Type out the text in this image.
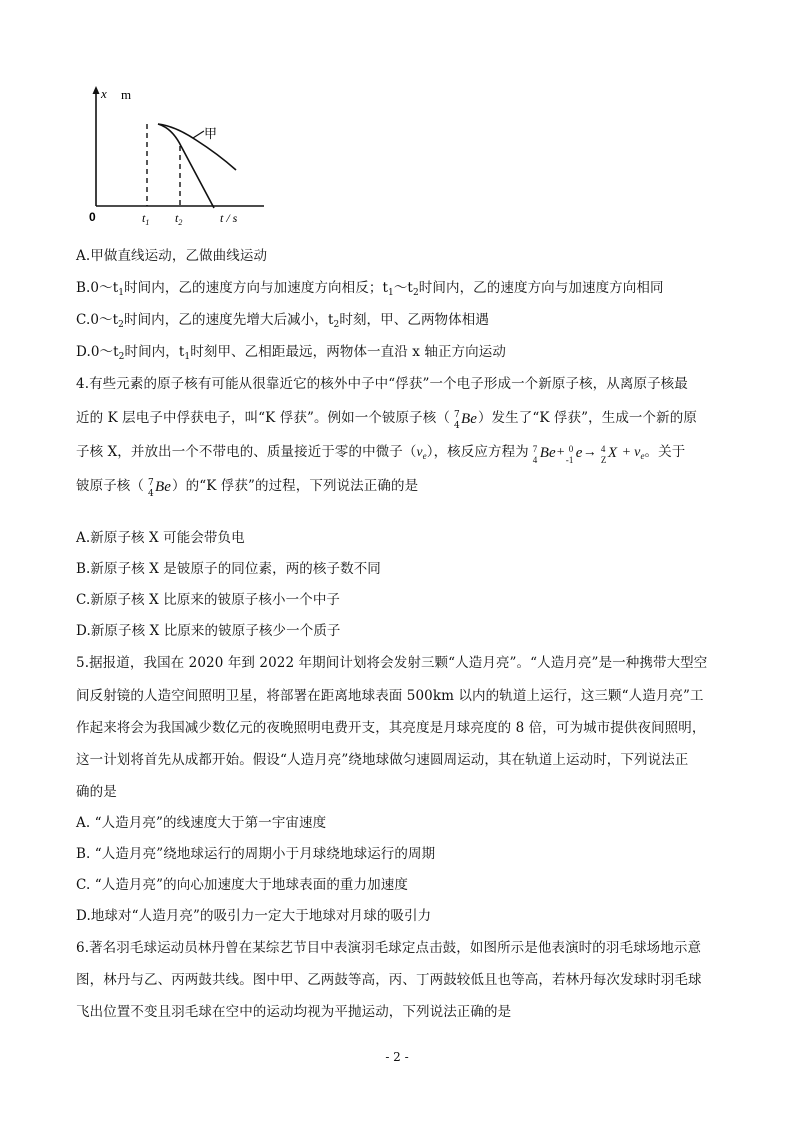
甲
x m
0	$t_1$ $t_2$	t / s
A.甲做直线运动，乙做曲线运动
$B.0\sim t_1$时间内，乙的速度方向与加速度方向相反；$t_1\sim t_2$时间内，乙的速度方向与加速度方向相同
$C.0\sim t_2$时间内，乙的速度先增大后减小，$t_2$时刻，甲、乙两物体相遇
$D.0\sim t_2$时间内，$t_1$时刻甲、乙相距最远，两物体一直沿 x 轴正方向运动
4.有些元素的原子核有可能从很靠近它的核外中子中“俘获”一个电子形成一个新原子核，从离原子核最
近的 K 层电子中俘获电子，叫“K 俘获”。例如一个铍原子核（ 7
4 Be ）发生了“K 俘获”，生成一个新的原
子核 X，并放出一个不带电的、质量接近于零的中微子$(\nu_e)$，核反应方程为 7
4 Be + 0
-1 e → 4
Z $X + \nu_e$。关于
铍原子核（ 7
4 Be ）的“K 俘获”的过程，下列说法正确的是
A.新原子核 X 可能会带负电
B.新原子核 X 是铍原子的同位素，两的核子数不同
C.新原子核 X 比原来的铍原子核小一个中子
D.新原子核 X 比原来的铍原子核少一个质子
5.据报道，我国在 2020 年到 2022 年期间计划将会发射三颗“人造月亮”。“人造月亮”是一种携带大型空
间反射镜的人造空间照明卫星，将部署在距离地球表面 500km 以内的轨道上运行，这三颗“人造月亮”工
作起来将会为我国减少数亿元的夜晚照明电费开支，其亮度是月球亮度的 8 倍，可为城市提供夜间照明，
这一计划将首先从成都开始。假设“人造月亮”绕地球做匀速圆周运动，其在轨道上运动时，下列说法正
确的是
A. “人造月亮”的线速度大于第一宇宙速度
B. “人造月亮”绕地球运行的周期小于月球绕地球运行的周期
C. “人造月亮”的向心加速度大于地球表面的重力加速度
D.地球对“人造月亮”的吸引力一定大于地球对月球的吸引力
6.著名羽毛球运动员林丹曾在某综艺节目中表演羽毛球定点击鼓，如图所示是他表演时的羽毛球场地示意
图，林丹与乙、丙两鼓共线。图中甲、乙两鼓等高，丙、丁两鼓较低且也等高，若林丹每次发球时羽毛球
飞出位置不变且羽毛球在空中的运动均视为平抛运动，下列说法正确的是
- 2 -
